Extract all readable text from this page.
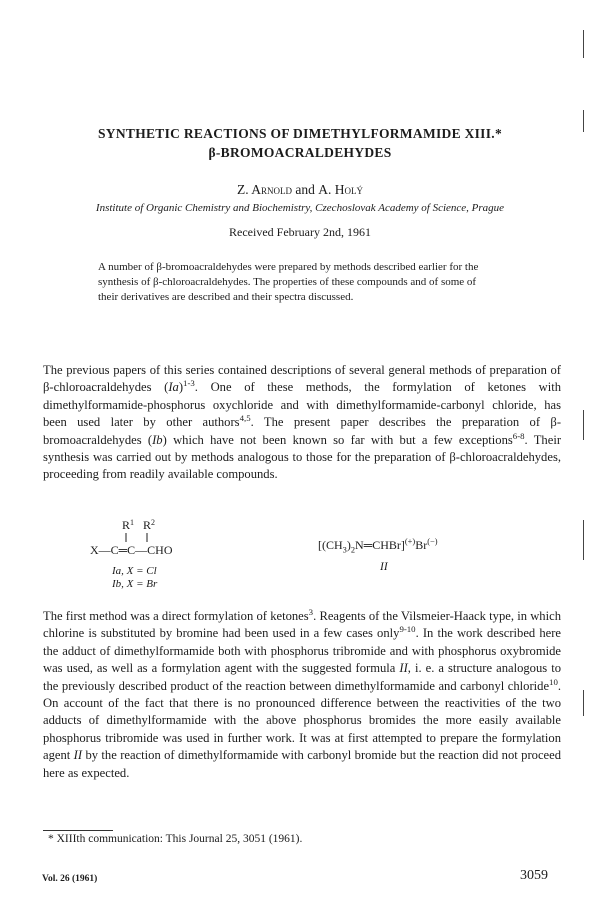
SYNTHETIC REACTIONS OF DIMETHYLFORMAMIDE XIII.*
β-BROMOACRALDEHYDES

Z. Arnold and A. Holý

Institute of Organic Chemistry and Biochemistry, Czechoslovak Academy of Science, Prague

Received February 2nd, 1961

A number of β-bromoacraldehydes were prepared by methods described earlier for the synthesis of β-chloroacraldehydes. The properties of these compounds and of some of their derivatives are described and their spectra discussed.

The previous papers of this series contained descriptions of several general methods of preparation of β-chloroacraldehydes $(Ia)^{1-3}$. One of these methods, the formylation of ketones with dimethylformamide-phosphorus oxychloride and with dimethylformamide-carbonyl chloride, has been used later by other authors$^{4,5}$. The present paper describes the preparation of β-bromoacraldehydes (Ib) which have not been known so far with but a few exceptions$^{6-8}$. Their synthesis was carried out by methods analogous to those for the preparation of β-chloroacraldehydes, proceeding from readily available compounds.

$R^1$ $R^2$
X—C═C—CHO
Ia, X = Cl
Ib, X = Br

$[(CH_3)_2N═CHBr]^{(+)}Br^{(-)}$

II

The first method was a direct formylation of ketones$^3$. Reagents of the Vilsmeier-Haack type, in which chlorine is substituted by bromine had been used in a few cases only$^{9-10}$. In the work described here the adduct of dimethylformamide both with phosphorus tribromide and with phosphorus oxybromide was used, as well as a formylation agent with the suggested formula II, i. e. a structure analogous to the previously described product of the reaction between dimethylformamide and carbonyl chloride$^{10}$. On account of the fact that there is no pronounced difference between the reactivities of the two adducts of dimethylformamide with the above phosphorus bromides the more easily available phosphorus tribromide was used in further work. It was at first attempted to prepare the formylation agent II by the reaction of dimethylformamide with carbonyl bromide but the reaction did not proceed here as expected.

* XIIIth communication: This Journal 25, 3051 (1961).

Vol. 26 (1961)	3059
